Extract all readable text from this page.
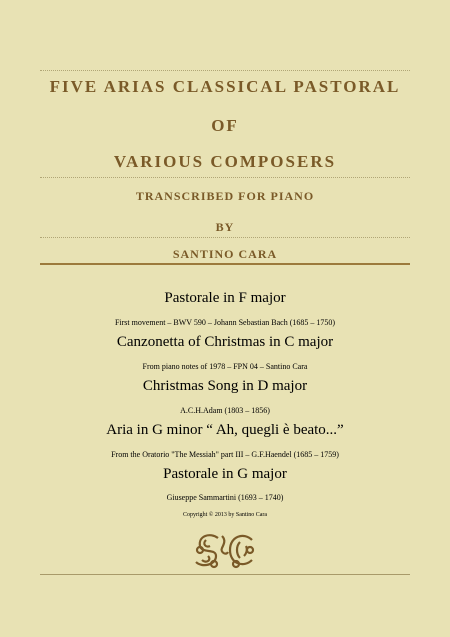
FIVE ARIAS CLASSICAL PASTORAL
OF
VARIOUS COMPOSERS
TRANSCRIBED FOR PIANO
BY
SANTINO CARA
Pastorale in F major
First movement – BWV 590 – Johann Sebastian Bach (1685 – 1750)
Canzonetta of Christmas in C major
From piano notes of 1978 – FPN 04 – Santino Cara
Christmas Song in D major
A.C.H.Adam (1803 – 1856)
Aria in G minor “ Ah, quegli è beato...”
From the Oratorio "The Messiah" part III – G.F.Haendel (1685 – 1759)
Pastorale in G major
Giuseppe Sammartini (1693 – 1740)
Copyright © 2013 by Santino Cara
